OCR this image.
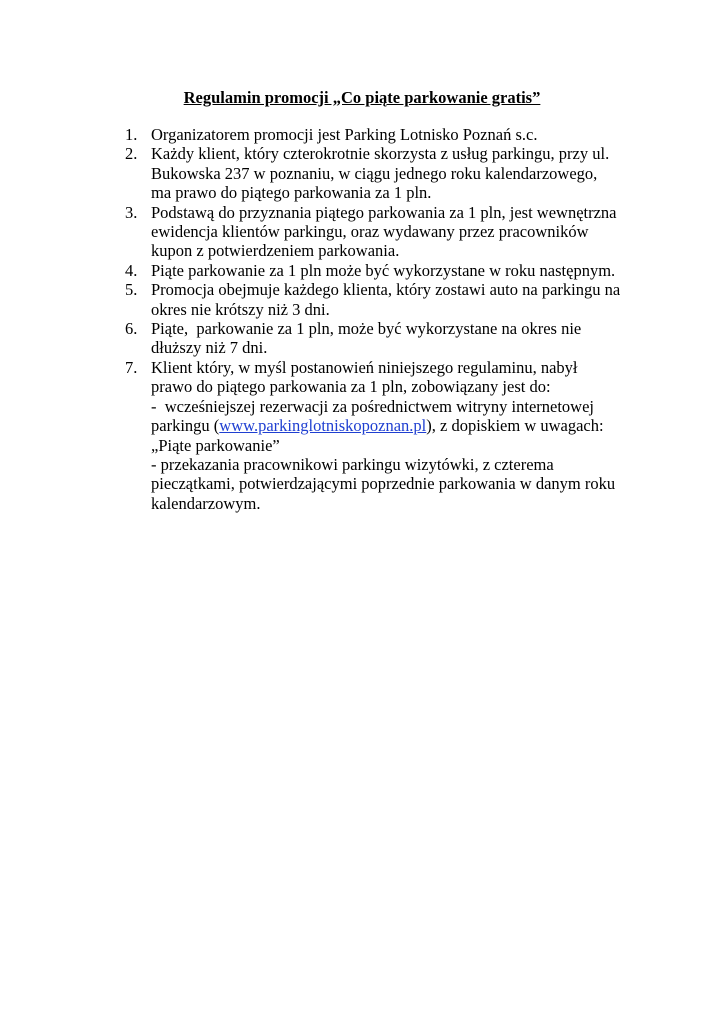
Regulamin promocji „Co piąte parkowanie gratis”
1. Organizatorem promocji jest Parking Lotnisko Poznań s.c.
2. Każdy klient, który czterokrotnie skorzysta z usług parkingu, przy ul.
Bukowska 237 w poznaniu, w ciągu jednego roku kalendarzowego,
ma prawo do piątego parkowania za 1 pln.
3. Podstawą do przyznania piątego parkowania za 1 pln, jest wewnętrzna
ewidencja klientów parkingu, oraz wydawany przez pracowników
kupon z potwierdzeniem parkowania.
4. Piąte parkowanie za 1 pln może być wykorzystane w roku następnym.
5. Promocja obejmuje każdego klienta, który zostawi auto na parkingu na
okres nie krótszy niż 3 dni.
6. Piąte,  parkowanie za 1 pln, może być wykorzystane na okres nie
dłuższy niż 7 dni.
7. Klient który, w myśl postanowień niniejszego regulaminu, nabył
prawo do piątego parkowania za 1 pln, zobowiązany jest do:
-  wcześniejszej rezerwacji za pośrednictwem witryny internetowej
parkingu (www.parkinglotniskopoznan.pl), z dopiskiem w uwagach:
„Piąte parkowanie”
- przekazania pracownikowi parkingu wizytówki, z czterema
pieczątkami, potwierdzającymi poprzednie parkowania w danym roku
kalendarzowym.
